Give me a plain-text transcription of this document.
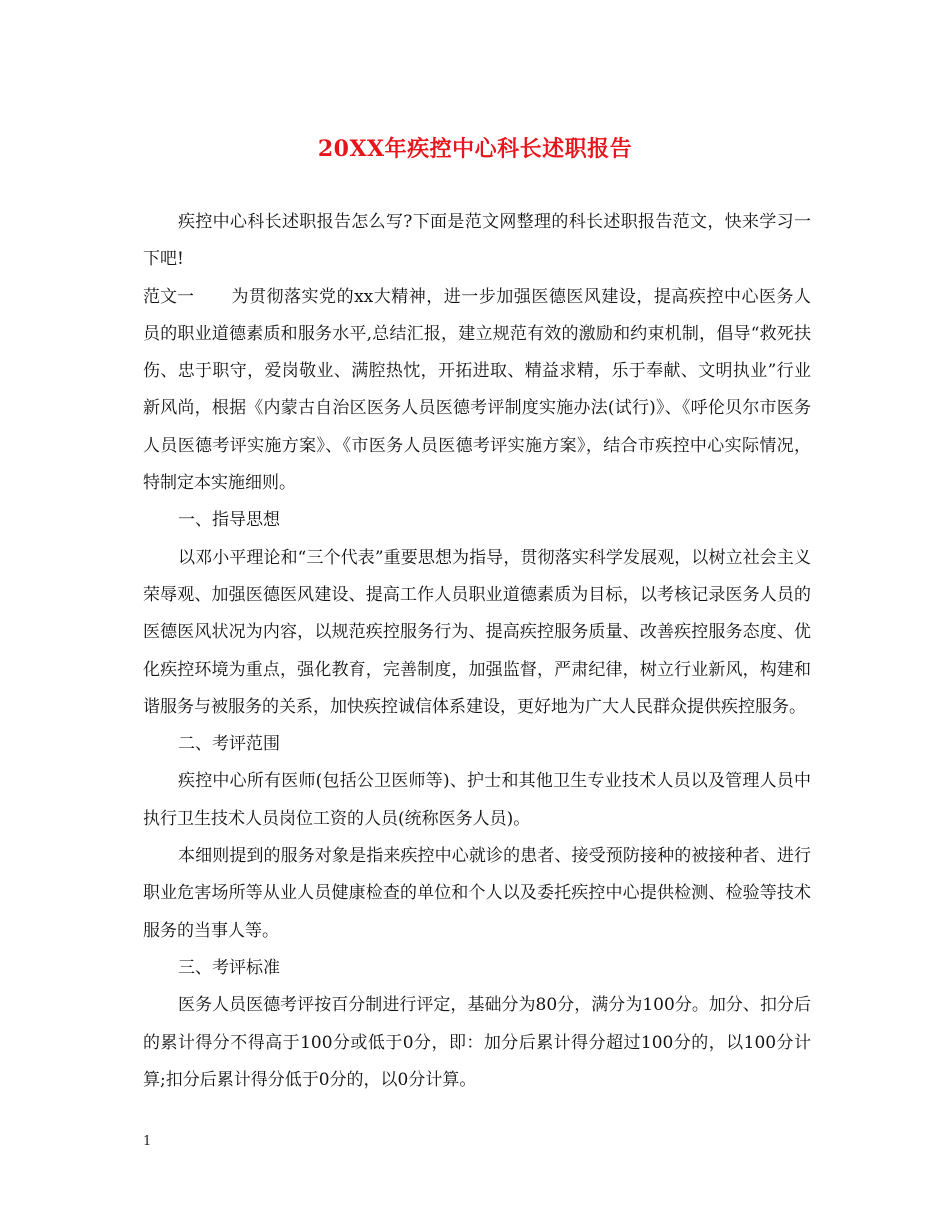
20XX年疾控中心科长述职报告

疾控中心科长述职报告怎么写?下面是范文网整理的科长述职报告范文，快来学习一下吧!

范文一 为贯彻落实党的xx大精神，进一步加强医德医风建设，提高疾控中心医务人员的职业道德素质和服务水平,总结汇报，建立规范有效的激励和约束机制，倡导“救死扶伤、忠于职守，爱岗敬业、满腔热忱，开拓进取、精益求精，乐于奉献、文明执业”行业新风尚，根据《内蒙古自治区医务人员医德考评制度实施办法(试行)》、《呼伦贝尔市医务人员医德考评实施方案》、《市医务人员医德考评实施方案》，结合市疾控中心实际情况，特制定本实施细则。

一、指导思想

以邓小平理论和“三个代表”重要思想为指导，贯彻落实科学发展观，以树立社会主义荣辱观、加强医德医风建设、提高工作人员职业道德素质为目标，以考核记录医务人员的医德医风状况为内容，以规范疾控服务行为、提高疾控服务质量、改善疾控服务态度、优化疾控环境为重点，强化教育，完善制度，加强监督，严肃纪律，树立行业新风，构建和谐服务与被服务的关系，加快疾控诚信体系建设，更好地为广大人民群众提供疾控服务。

二、考评范围

疾控中心所有医师(包括公卫医师等)、护士和其他卫生专业技术人员以及管理人员中执行卫生技术人员岗位工资的人员(统称医务人员)。

本细则提到的服务对象是指来疾控中心就诊的患者、接受预防接种的被接种者、进行职业危害场所等从业人员健康检查的单位和个人以及委托疾控中心提供检测、检验等技术服务的当事人等。

三、考评标准

医务人员医德考评按百分制进行评定，基础分为80分，满分为100分。加分、扣分后的累计得分不得高于100分或低于0分，即：加分后累计得分超过100分的，以100分计算;扣分后累计得分低于0分的，以0分计算。

1
